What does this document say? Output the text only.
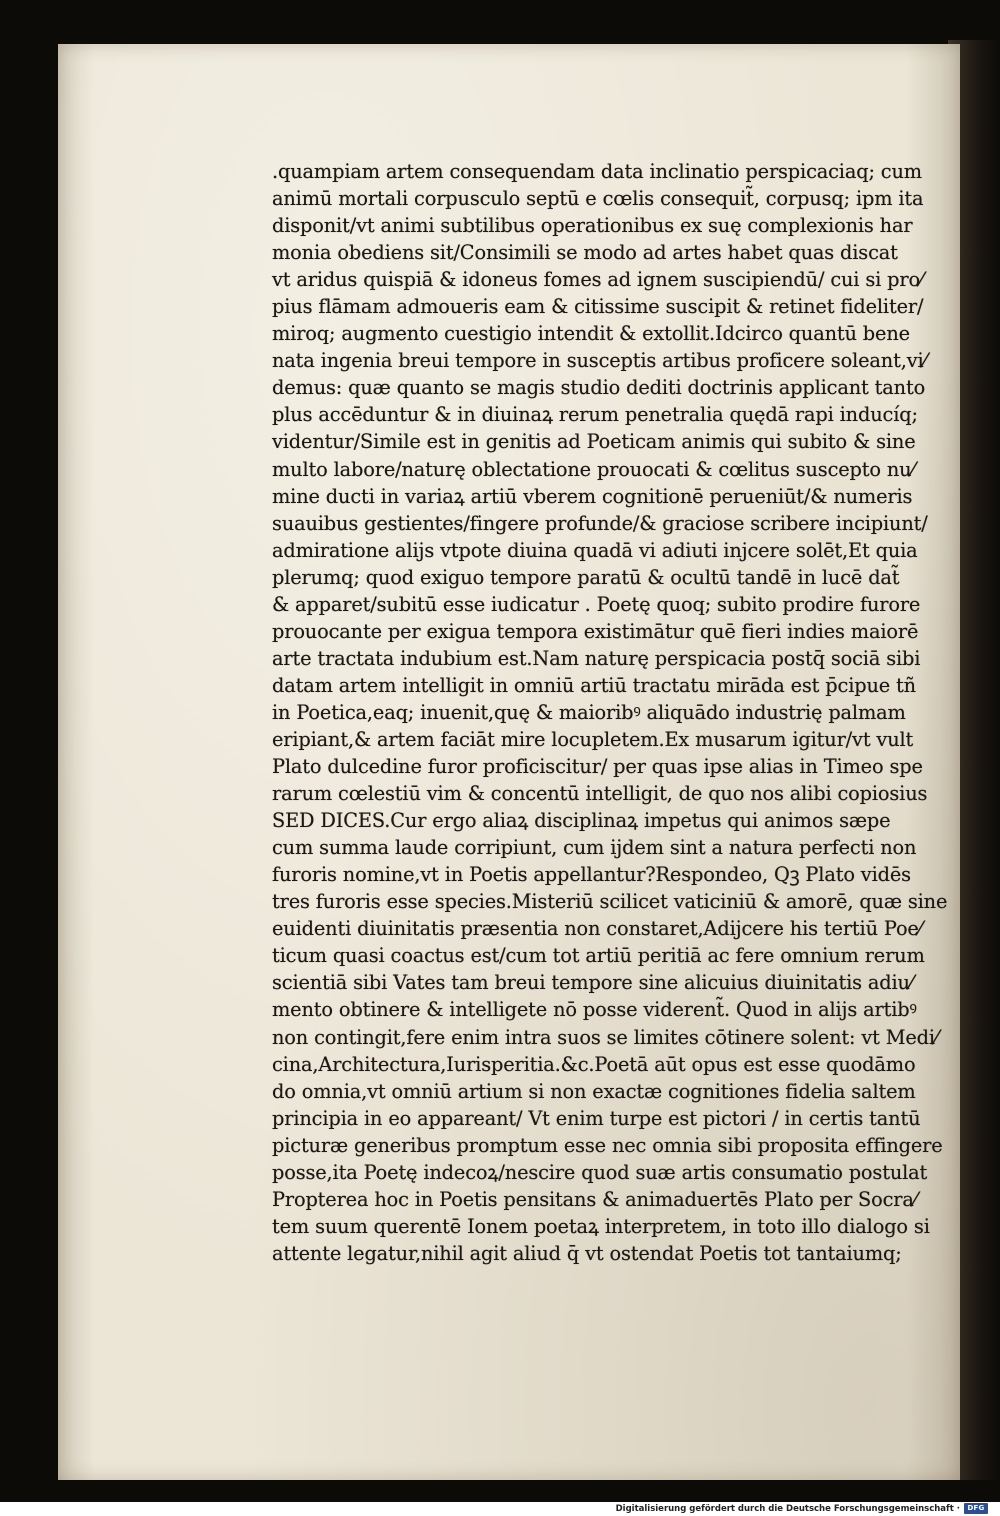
.quampiam artem consequendam data inclinatio perspicaciaq; cum
animū mortali corpusculo septū e cœlis consequit̃, corpusq; ipm ita
disponit/vt animi subtilibus operationibus ex suę complexionis har
monia obediens sit/Consimili se modo ad artes habet quas discat
vt aridus quispiā & idoneus fomes ad ignem suscipiendū/ cui si pro⁄
pius flāmam admoueris eam & citissime suscipit & retinet fideliter/
miroq; augmento cuestigio intendit & extollit.Idcirco quantū bene
nata ingenia breui tempore in susceptis artibus proficere soleant,vi⁄
demus: quæ quanto se magis studio dediti doctrinis applicant tanto
plus accēduntur & in diuinaꝝ rerum penetralia quędā rapi inducíq;
videntur/Simile est in genitis ad Poeticam animis qui subito & sine
multo labore/naturę oblectatione prouocati & cœlitus suscepto nu⁄
mine ducti in variaꝝ artiū vberem cognitionē perueniūt/& numeris
suauibus gestientes/fingere profunde/& graciose scribere incipiunt/
admiratione alijs vtpote diuina quadā vi adiuti injcere solēt,Et quia
plerumq; quod exiguo tempore paratū & ocultū tandē in lucē dat̃
& apparet/subitū esse iudicatur . Poetę quoq; subito prodire furore
prouocante per exigua tempora existimātur quē fieri indies maiorē
arte tractata indubium est.Nam naturę perspicacia postq̄ sociā sibi
datam artem intelligit in omniū artiū tractatu mirāda est p̄cipue tñ
in Poetica,eaq; inuenit,quę & maioribꝰ aliquādo industrię palmam
eripiant,& artem faciāt mire locupletem.Ex musarum igitur/vt vult
Plato dulcedine furor proficiscitur/ per quas ipse alias in Timeo spe
rarum cœlestiū vim & concentū intelligit, de quo nos alibi copiosius
SED DICES.Cur ergo aliaꝝ disciplinaꝝ impetus qui animos sæpe
cum summa laude corripiunt, cum ijdem sint a natura perfecti non
furoris nomine,vt in Poetis appellantur?Respondeo, Qꝫ Plato vidēs
tres furoris esse species.Misteriū scilicet vaticiniū & amorē, quæ sine
euidenti diuinitatis præsentia non constaret,Adijcere his tertiū Poe⁄
ticum quasi coactus est/cum tot artiū peritiā ac fere omnium rerum
scientiā sibi Vates tam breui tempore sine alicuius diuinitatis adiu⁄
mento obtinere & intelligete nō posse viderent̃. Quod in alijs artibꝰ
non contingit,fere enim intra suos se limites cōtinere solent: vt Medi⁄
cina,Architectura,Iurisperitia.&c.Poetā aūt opus est esse quodāmo
do omnia,vt omniū artium si non exactæ cognitiones fidelia saltem
principia in eo appareant/ Vt enim turpe est pictori / in certis tantū
picturæ generibus promptum esse nec omnia sibi proposita effingere
posse,ita Poetę indecoꝝ/nescire quod suæ artis consumatio postulat
Propterea hoc in Poetis pensitans & animaduertēs Plato per Socra⁄
tem suum querentē Ionem poetaꝝ interpretem, in toto illo dialogo si
attente legatur,nihil agit aliud q̄ vt ostendat Poetis tot tantaiumq;
Digitalisierung gefördert durch die Deutsche Forschungsgemeinschaft ·	DFG
